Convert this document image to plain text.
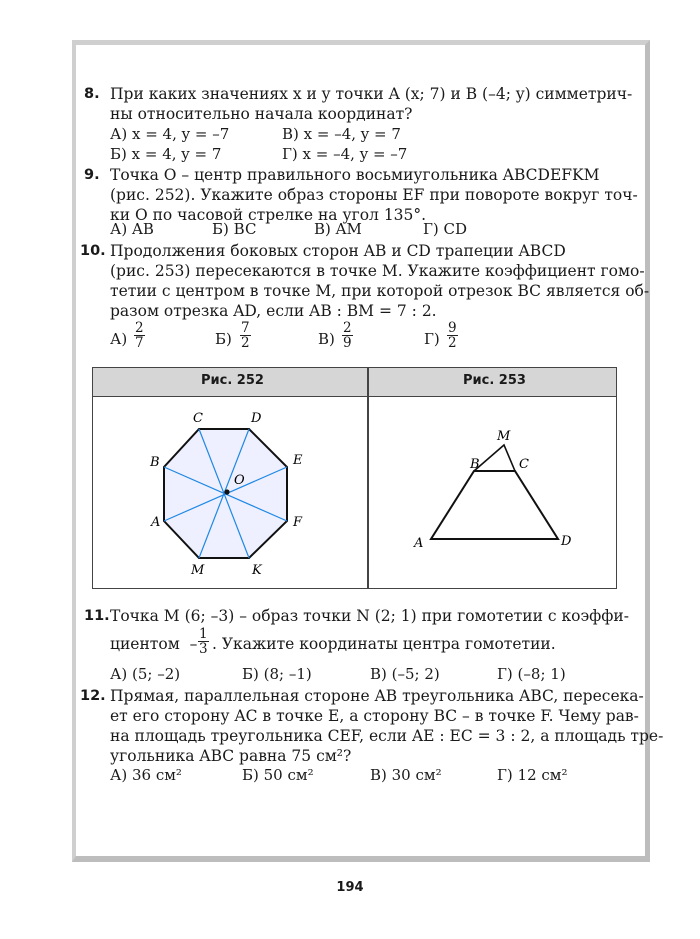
8. При каких значениях x и y точки A (x; 7) и B (–4; y) симметрич-
ны относительно начала координат?
А) x = 4, y = –7	В) x = –4, y = 7
Б) x = 4, y = 7	Г) x = –4, y = –7
9. Точка O – центр правильного восьмиугольника ABCDEFKM
(рис. 252). Укажите образ стороны EF при повороте вокруг точ-
ки O по часовой стрелке на угол 135°.
А) AB	Б) BC	В) AM	Г) CD
10. Продолжения боковых сторон AB и CD трапеции ABCD
(рис. 253) пересекаются в точке M. Укажите коэффициент гомо-
тетии с центром в точке M, при которой отрезок BC является об-
разом отрезка AD, если AB : BM = 7 : 2.
$А) \frac{2}{7}$	$Б) \frac{7}{2}$	$В) \frac{2}{9}$	$Г) \frac{9}{2}$
Рис. 252	Рис. 253
C	D
B	E
O
A	F
M	K
M
B	C
A	D
11. Точка M (6; –3) – образ точки N (2; 1) при гомотетии с коэффи-
циентом  – $\frac{1}{3}$ . Укажите координаты центра гомотетии.
А) (5; –2)	Б) (8; –1)	В) (–5; 2)	Г) (–8; 1)
12. Прямая, параллельная стороне AB треугольника ABC, пересека-
ет его сторону AC в точке E, а сторону BC – в точке F. Чему рав-
на площадь треугольника CEF, если AE : EC = 3 : 2, а площадь тре-
угольника ABC равна 75 см²?
А) 36 см²	Б) 50 см²	В) 30 см²	Г) 12 см²
194
